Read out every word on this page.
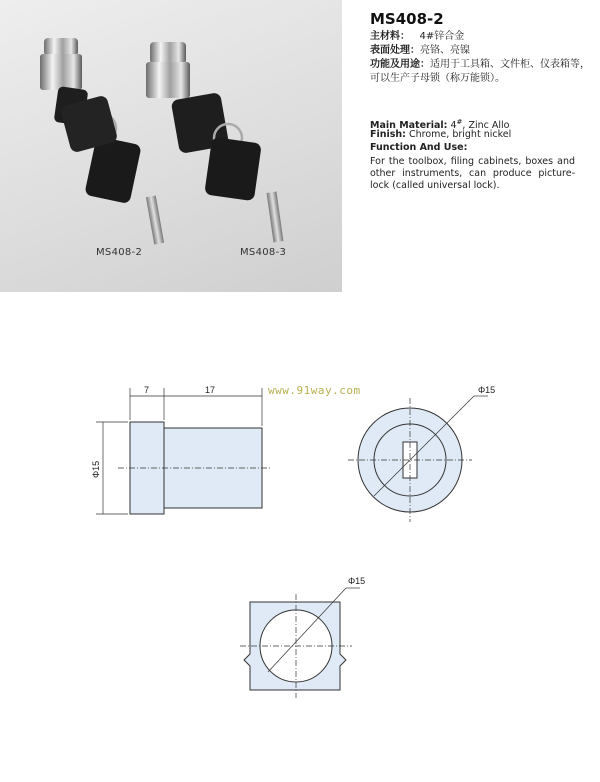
MS408-2	MS408-3
MS408-2
主材料： 4#锌合金
表面处理：亮铬、亮镍
功能及用途：适用于工具箱、文件柜、仪表箱等，可以生产子母锁（称万能锁）。
Main Material: 4#, Zinc Allo
Finish: Chrome, bright nickel
Function And Use:
For the toolbox, filing cabinets, boxes and other instruments, can produce picture-lock (called universal lock).
www.91way.com
7	17
Φ15
Φ15
Φ15
